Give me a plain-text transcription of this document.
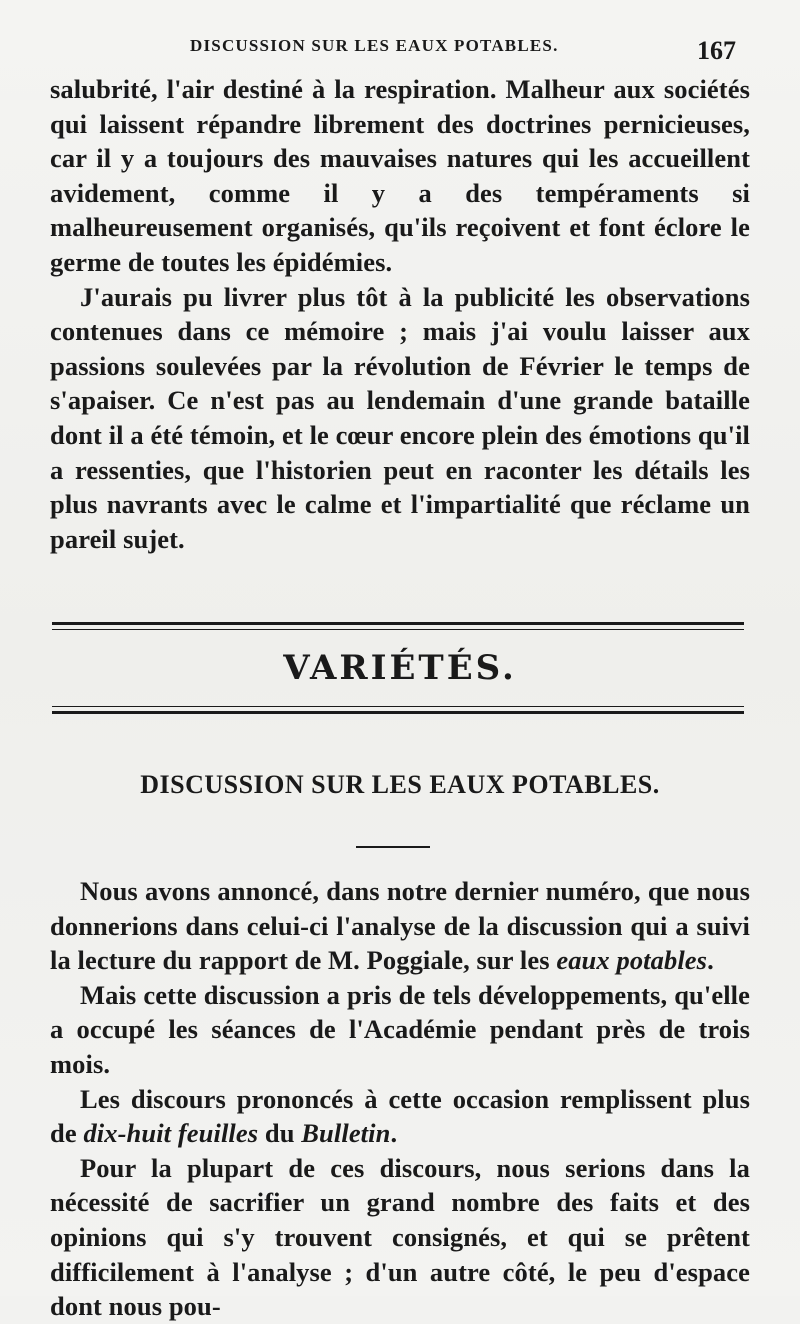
DISCUSSION SUR LES EAUX POTABLES.	167

salubrité, l'air destiné à la respiration. Malheur aux sociétés qui laissent répandre librement des doctrines pernicieuses, car il y a toujours des mauvaises natures qui les accueillent avidement, comme il y a des tempéraments si malheureusement organisés, qu'ils reçoivent et font éclore le germe de toutes les épidémies.

J'aurais pu livrer plus tôt à la publicité les observations contenues dans ce mémoire ; mais j'ai voulu laisser aux passions soulevées par la révolution de Février le temps de s'apaiser. Ce n'est pas au lendemain d'une grande bataille dont il a été témoin, et le cœur encore plein des émotions qu'il a ressenties, que l'historien peut en raconter les détails les plus navrants avec le calme et l'impartialité que réclame un pareil sujet.

VARIÉTÉS.
DISCUSSION SUR LES EAUX POTABLES.

Nous avons annoncé, dans notre dernier numéro, que nous donnerions dans celui-ci l'analyse de la discussion qui a suivi la lecture du rapport de M. Poggiale, sur les eaux potables.

Mais cette discussion a pris de tels développements, qu'elle a occupé les séances de l'Académie pendant près de trois mois.

Les discours prononcés à cette occasion remplissent plus de dix-huit feuilles du Bulletin.

Pour la plupart de ces discours, nous serions dans la nécessité de sacrifier un grand nombre des faits et des opinions qui s'y trouvent consignés, et qui se prêtent difficilement à l'analyse ; d'un autre côté, le peu d'espace dont nous pou-
